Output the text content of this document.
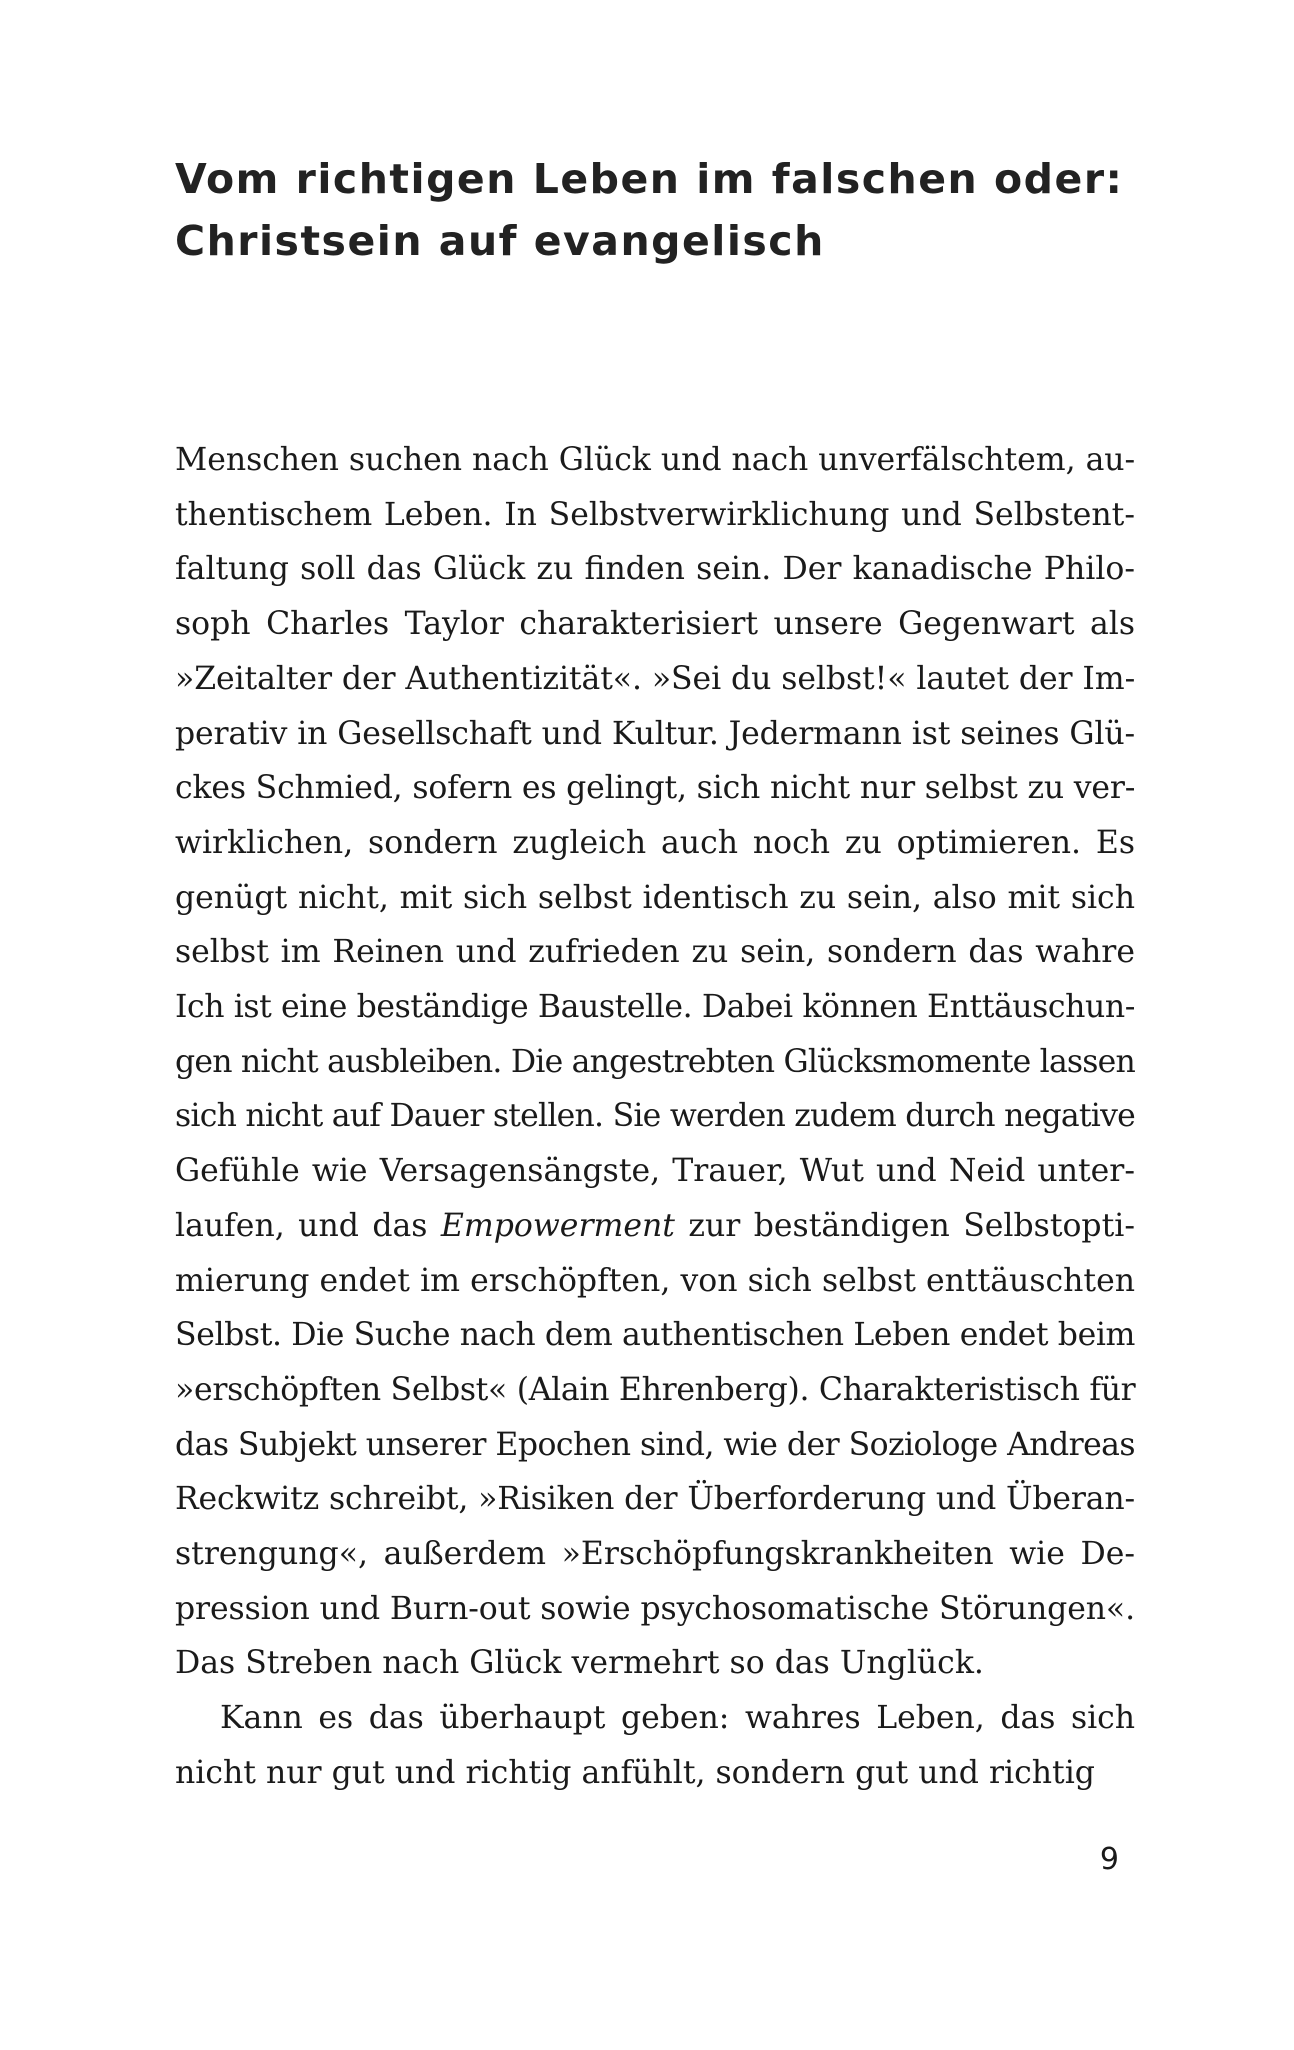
Vom richtigen Leben im falschen oder:
Christsein auf evangelisch
Menschen suchen nach Glück und nach unverfälschtem, au-
thentischem Leben. In Selbstverwirklichung und Selbstent-
faltung soll das Glück zu finden sein. Der kanadische Philo-
soph Charles Taylor charakterisiert unsere Gegenwart als
»Zeitalter der Authentizität«. »Sei du selbst!« lautet der Im-
perativ in Gesellschaft und Kultur. Jedermann ist seines Glü-
ckes Schmied, sofern es gelingt, sich nicht nur selbst zu ver-
wirklichen, sondern zugleich auch noch zu optimieren. Es
genügt nicht, mit sich selbst identisch zu sein, also mit sich
selbst im Reinen und zufrieden zu sein, sondern das wahre
Ich ist eine beständige Baustelle. Dabei können Enttäuschun-
gen nicht ausbleiben. Die angestrebten Glücksmomente lassen
sich nicht auf Dauer stellen. Sie werden zudem durch negative
Gefühle wie Versagensängste, Trauer, Wut und Neid unter-
laufen, und das Empowerment zur beständigen Selbstopti-
mierung endet im erschöpften, von sich selbst enttäuschten
Selbst. Die Suche nach dem authentischen Leben endet beim
»erschöpften Selbst« (Alain Ehrenberg). Charakteristisch für
das Subjekt unserer Epochen sind, wie der Soziologe Andreas
Reckwitz schreibt, »Risiken der Überforderung und Überan-
strengung«, außerdem »Erschöpfungskrankheiten wie De-
pression und Burn-out sowie psychosomatische Störungen«.
Das Streben nach Glück vermehrt so das Unglück.
Kann es das überhaupt geben: wahres Leben, das sich
nicht nur gut und richtig anfühlt, sondern gut und richtig
9
